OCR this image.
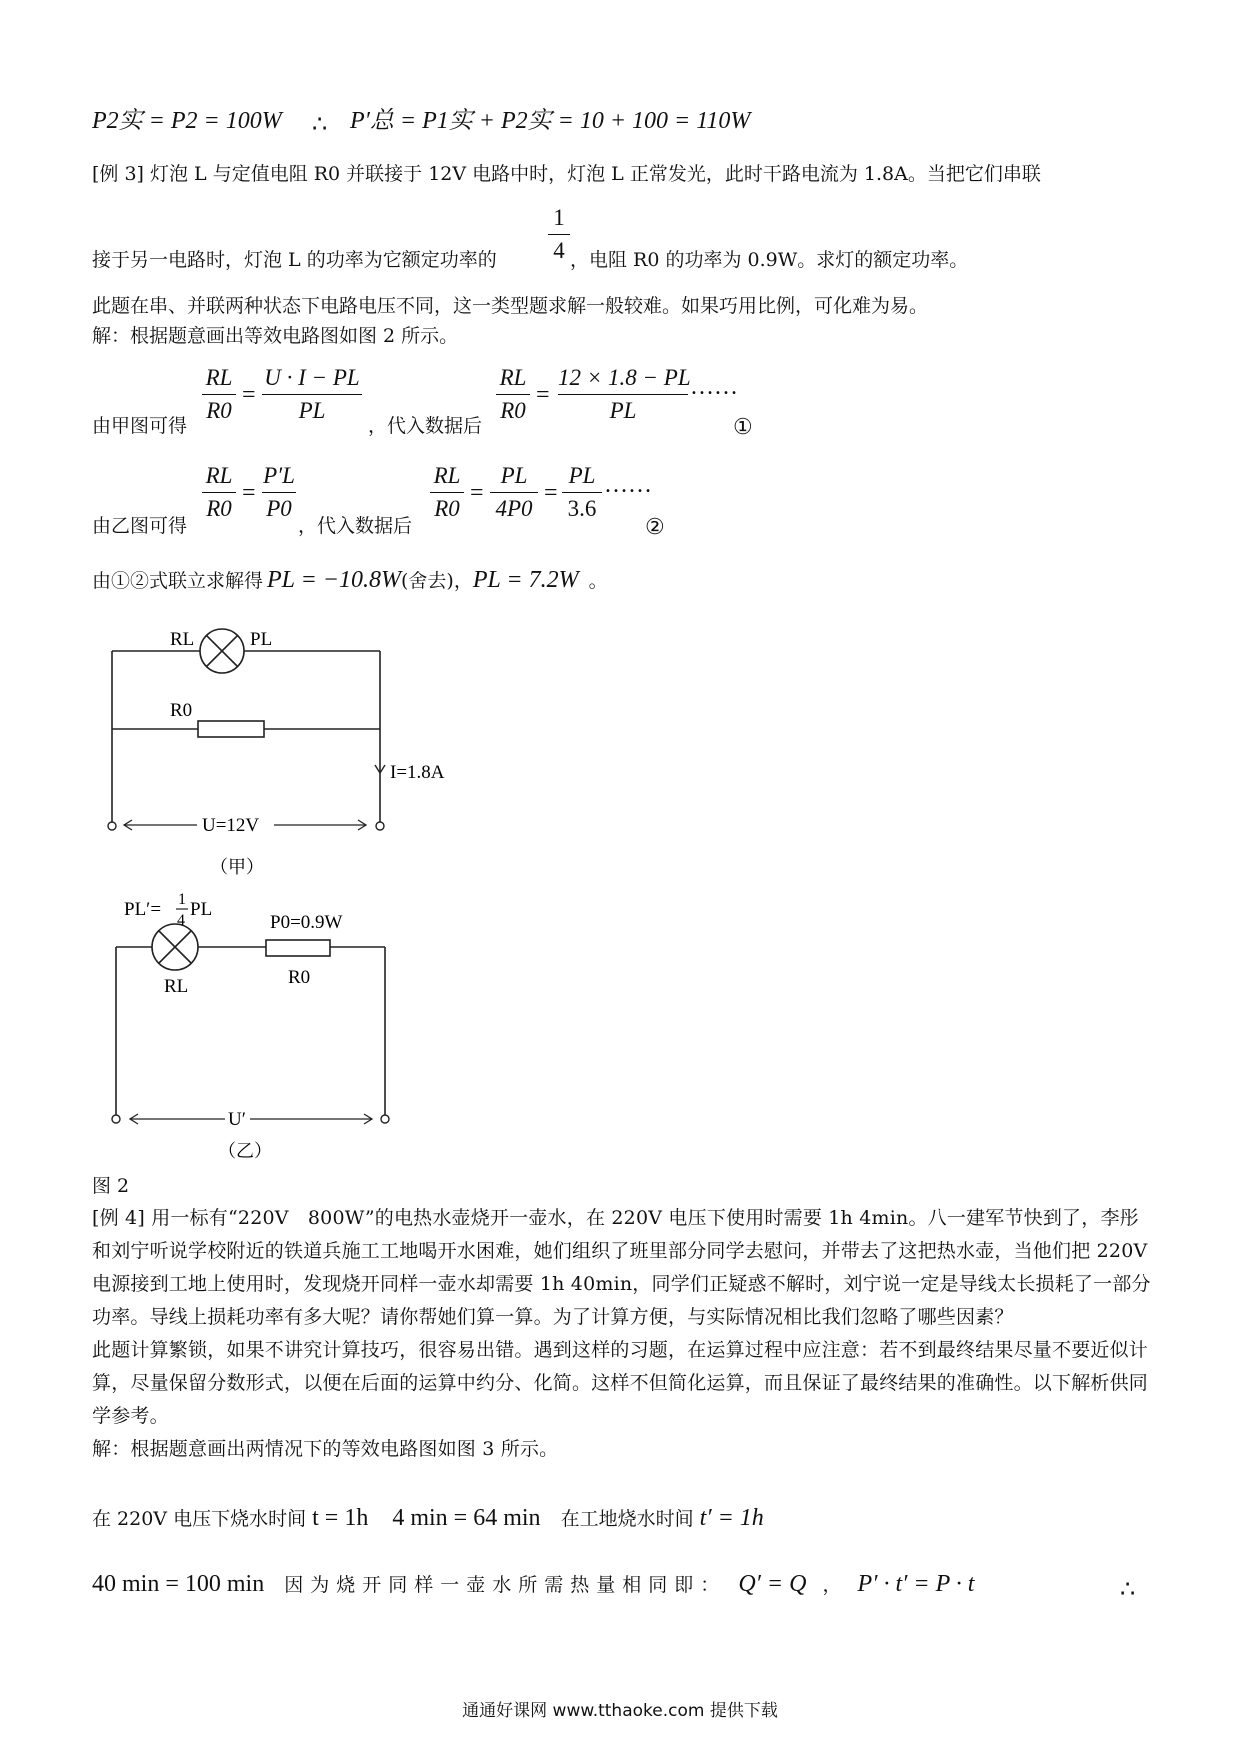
P2实 = P2 = 100W ∴ P′总 = P1实 + P2实 = 10 + 100 = 110W
[例 3] 灯泡 L 与定值电阻 R0 并联接于 12V 电路中时，灯泡 L 正常发光，此时干路电流为 1.8A。当把它们串联
接于另一电路时，灯泡 L 的功率为它额定功率的
1
4 ，电阻 R0 的功率为 0.9W。求灯的额定功率。
此题在串、并联两种状态下电路电压不同，这一类型题求解一般较难。如果巧用比例，可化难为易。
解：根据题意画出等效电路图如图 2 所示。
由甲图可得
RL
R0
=
U · I − PL
PL
，代入数据后
RL
R0
=
12 × 1.8 − PL
PL
……
①
由乙图可得
RL
R0
=
P′L
P0
，代入数据后
RL
R0
=
PL
4P0
=
PL
3.6
……
②
由①②式联立求解得 PL = −10.8W(舍去)，PL = 7.2W 。
RL	PL
R0
I=1.8A
U=12V
（甲）
PL′= 1
4
PL
P0=0.9W
RL	R0
U′
（乙）
图 2
[例 4] 用一标有“220V　800W”的电热水壶烧开一壶水，在 220V 电压下使用时需要 1h 4min。八一建军节快到了，李彤和刘宁听说学校附近的铁道兵施工工地喝开水困难，她们组织了班里部分同学去慰问，并带去了这把热水壶，当他们把 220V 电源接到工地上使用时，发现烧开同样一壶水却需要 1h 40min，同学们正疑惑不解时，刘宁说一定是导线太长损耗了一部分功率。导线上损耗功率有多大呢？请你帮她们算一算。为了计算方便，与实际情况相比我们忽略了哪些因素？
此题计算繁锁，如果不讲究计算技巧，很容易出错。遇到这样的习题，在运算过程中应注意：若不到最终结果尽量不要近似计算，尽量保留分数形式，以便在后面的运算中约分、化简。这样不但简化运算，而且保证了最终结果的准确性。以下解析供同学参考。
解：根据题意画出两情况下的等效电路图如图 3 所示。
在 220V 电压下烧水时间 t = 1h　4 min = 64 min 在工地烧水时间 t′ = 1h
40 min = 100 min 因为烧开同样一壶水所需热量相同即： Q′ = Q ， P′ · t′ = P · t	∴
通通好课网 www.tthaoke.com 提供下载
